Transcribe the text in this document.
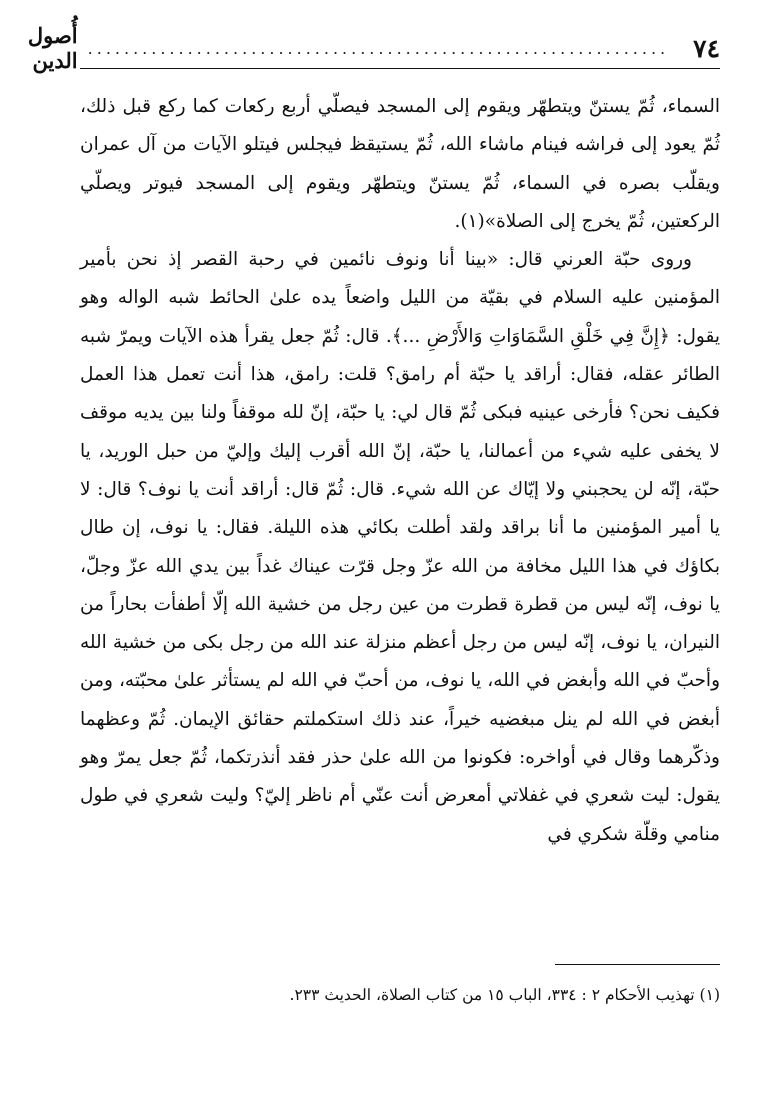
٧٤
................................................................
أُصول الدين

السماء، ثُمّ يستنّ ويتطهّر ويقوم إلى المسجد فيصلّي أربع ركعات كما ركع قبل ذلك، ثُمّ يعود إلى فراشه فينام ماشاء الله، ثُمّ يستيقظ فيجلس فيتلو الآيات من آل عمران ويقلّب بصره في السماء، ثُمّ يستنّ ويتطهّر ويقوم إلى المسجد فيوتر ويصلّي الركعتين، ثُمّ يخرج إلى الصلاة»(١).

وروى حبّة العرني قال: «بينا أنا ونوف نائمين في رحبة القصر إذ نحن بأمير المؤمنين عليه السلام في بقيّة من الليل واضعاً يده علىٰ الحائط شبه الواله وهو يقول: ﴿إِنَّ فِي خَلْقِ السَّمَاوَاتِ وَالأَرْضِ ...﴾. قال: ثُمّ جعل يقرأ هذه الآيات ويمرّ شبه الطائر عقله، فقال: أراقد يا حبّة أم رامق؟ قلت: رامق، هذا أنت تعمل هذا العمل فكيف نحن؟ فأرخى عينيه فبكى ثُمّ قال لي: يا حبّة، إنّ لله موقفاً ولنا بين يديه موقف لا يخفى عليه شيء من أعمالنا، يا حبّة، إنّ الله أقرب إليك وإليّ من حبل الوريد، يا حبّة، إنّه لن يحجبني ولا إيّاك عن الله شيء. قال: ثُمّ قال: أراقد أنت يا نوف؟ قال: لا يا أمير المؤمنين ما أنا براقد ولقد أطلت بكائي هذه الليلة. فقال: يا نوف، إن طال بكاؤك في هذا الليل مخافة من الله عزّ وجل قرّت عيناك غداً بين يدي الله عزّ وجلّ، يا نوف، إنّه ليس من قطرة قطرت من عين رجل من خشية الله إلّا أطفأت بحاراً من النيران، يا نوف، إنّه ليس من رجل أعظم منزلة عند الله من رجل بكى من خشية الله وأحبّ في الله وأبغض في الله، يا نوف، من أحبّ في الله لم يستأثر علىٰ محبّته، ومن أبغض في الله لم ينل مبغضيه خيراً، عند ذلك استكملتم حقائق الإيمان. ثُمّ وعظهما وذكّرهما وقال في أواخره: فكونوا من الله علىٰ حذر فقد أنذرتكما، ثُمّ جعل يمرّ وهو يقول: ليت شعري في غفلاتي أمعرض أنت عنّي أم ناظر إليّ؟ وليت شعري في طول منامي وقلّة شكري في

(١) تهذيب الأحكام ٢ : ٣٣٤، الباب ١٥ من كتاب الصلاة، الحديث ٢٣٣.
